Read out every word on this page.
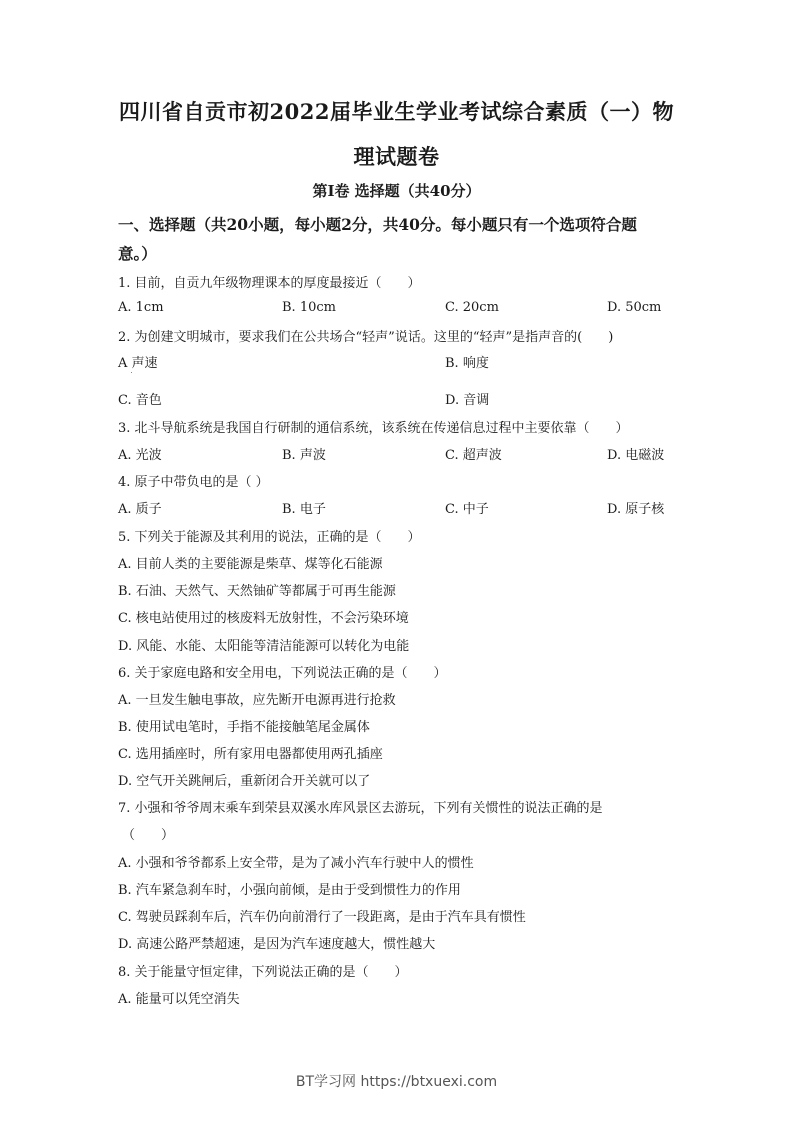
四川省自贡市初2022届毕业生学业考试综合素质（一）物
理试题卷
第Ⅰ卷 选择题（共40分）
一、选择题（共20小题，每小题2分，共40分。每小题只有一个选项符合题
意。）
1. 目前，自贡九年级物理课本的厚度最接近（　　）
A. 1cm	B. 10cm	C. 20cm	D. 50cm
2. 为创建文明城市，要求我们在公共场合“轻声”说话。这里的“轻声”是指声音的(　　)
A 声速	B. 响度
C. 音色	D. 音调
3. 北斗导航系统是我国自行研制的通信系统，该系统在传递信息过程中主要依靠（　　）
A. 光波	B. 声波	C. 超声波	D. 电磁波
4. 原子中带负电的是（ ）
A. 质子	B. 电子	C. 中子	D. 原子核
5. 下列关于能源及其利用的说法，正确的是（　　）
A. 目前人类的主要能源是柴草、煤等化石能源
B. 石油、天然气、天然铀矿等都属于可再生能源
C. 核电站使用过的核废料无放射性，不会污染环境
D. 风能、水能、太阳能等清洁能源可以转化为电能
6. 关于家庭电路和安全用电，下列说法正确的是（　　）
A. 一旦发生触电事故，应先断开电源再进行抢救
B. 使用试电笔时，手指不能接触笔尾金属体
C. 选用插座时，所有家用电器都使用两孔插座
D. 空气开关跳闸后，重新闭合开关就可以了
7. 小强和爷爷周末乘车到荣县双溪水库风景区去游玩，下列有关惯性的说法正确的是
（　　）
A. 小强和爷爷都系上安全带，是为了减小汽车行驶中人的惯性
B. 汽车紧急刹车时，小强向前倾，是由于受到惯性力的作用
C. 驾驶员踩刹车后，汽车仍向前滑行了一段距离，是由于汽车具有惯性
D. 高速公路严禁超速，是因为汽车速度越大，惯性越大
8. 关于能量守恒定律，下列说法正确的是（　　）
A. 能量可以凭空消失
BT学习网 https://btxuexi.com
